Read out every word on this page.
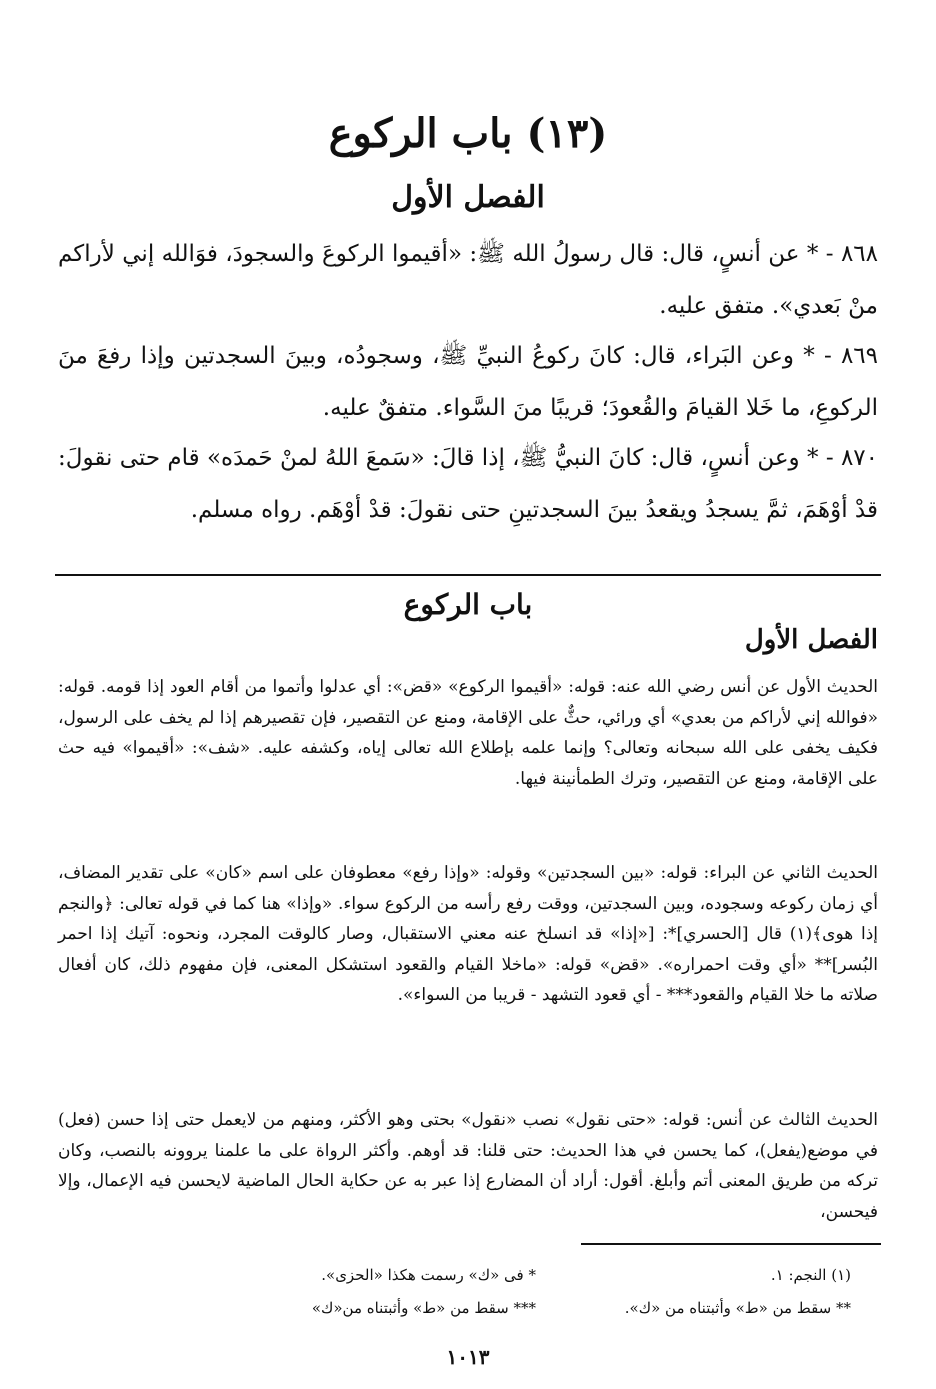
(١٣) باب الركوع
الفصل الأول

٨٦٨ - * عن أنسٍ، قال: قال رسولُ الله ﷺ: «أقيموا الركوعَ والسجودَ، فوَالله إني لأراكم منْ بَعدي». متفق عليه.

٨٦٩ - * وعن البَراء، قال: كانَ ركوعُ النبيِّ ﷺ، وسجودُه، وبينَ السجدتين وإذا رفعَ منَ الركوعِ، ما خَلا القيامَ والقُعودَ؛ قريبًا منَ السَّواء. متفقٌ عليه.

٨٧٠ - * وعن أنسٍ، قال: كانَ النبيُّ ﷺ، إذا قالَ: «سَمعَ اللهُ لمنْ حَمدَه» قام حتى نقولَ: قدْ أوْهَمَ، ثمَّ يسجدُ ويقعدُ بينَ السجدتينِ حتى نقولَ: قدْ أوْهَم. رواه مسلم.

باب الركوع
الفصل الأول

الحديث الأول عن أنس رضي الله عنه: قوله: «أقيموا الركوع» «قض»: أي عدلوا وأتموا من أقام العود إذا قومه. قوله: «فوالله إني لأراكم من بعدي» أي ورائي، حثٌّ على الإقامة، ومنع عن التقصير، فإن تقصيرهم إذا لم يخف على الرسول، فكيف يخفى على الله سبحانه وتعالى؟ وإنما علمه بإطلاع الله تعالى إياه، وكشفه عليه. «شف»: «أقيموا» فيه حث على الإقامة، ومنع عن التقصير، وترك الطمأنينة فيها.

الحديث الثاني عن البراء: قوله: «بين السجدتين» وقوله: «وإذا رفع» معطوفان على اسم «كان» على تقدير المضاف، أي زمان ركوعه وسجوده، وبين السجدتين، ووقت رفع رأسه من الركوع سواء. «وإذا» هنا كما في قوله تعالى: ﴿والنجم إذا هوى﴾(١) قال [الحسري]*: [«إذا» قد انسلخ عنه معني الاستقبال، وصار كالوقت المجرد، ونحوه: آتيك إذا احمر البُسر]** «أي وقت احمراره». «قض» قوله: «ماخلا القيام والقعود استشكل المعنى، فإن مفهوم ذلك، كان أفعال صلاته ما خلا القيام والقعود*** - أي قعود التشهد - قريبا من السواء».

الحديث الثالث عن أنس: قوله: «حتى نقول» نصب «نقول» بحتى وهو الأكثر، ومنهم من لايعمل حتى إذا حسن (فعل) في موضع(يفعل)، كما يحسن في هذا الحديث: حتى قلنا: قد أوهم. وأكثر الرواة على ما علمنا يروونه بالنصب، وكان تركه من طريق المعنى أتم وأبلغ. أقول: أراد أن المضارع إذا عبر به عن حكاية الحال الماضية لايحسن فيه الإعمال، وإلا فيحسن،

(١) النجم: ١.
* فى «ك» رسمت هكذا «الحزى».
** سقط من «ط» وأثبتناه من «ك».
*** سقط من «ط» وأثبتناه من«ك»
١٠١٣
